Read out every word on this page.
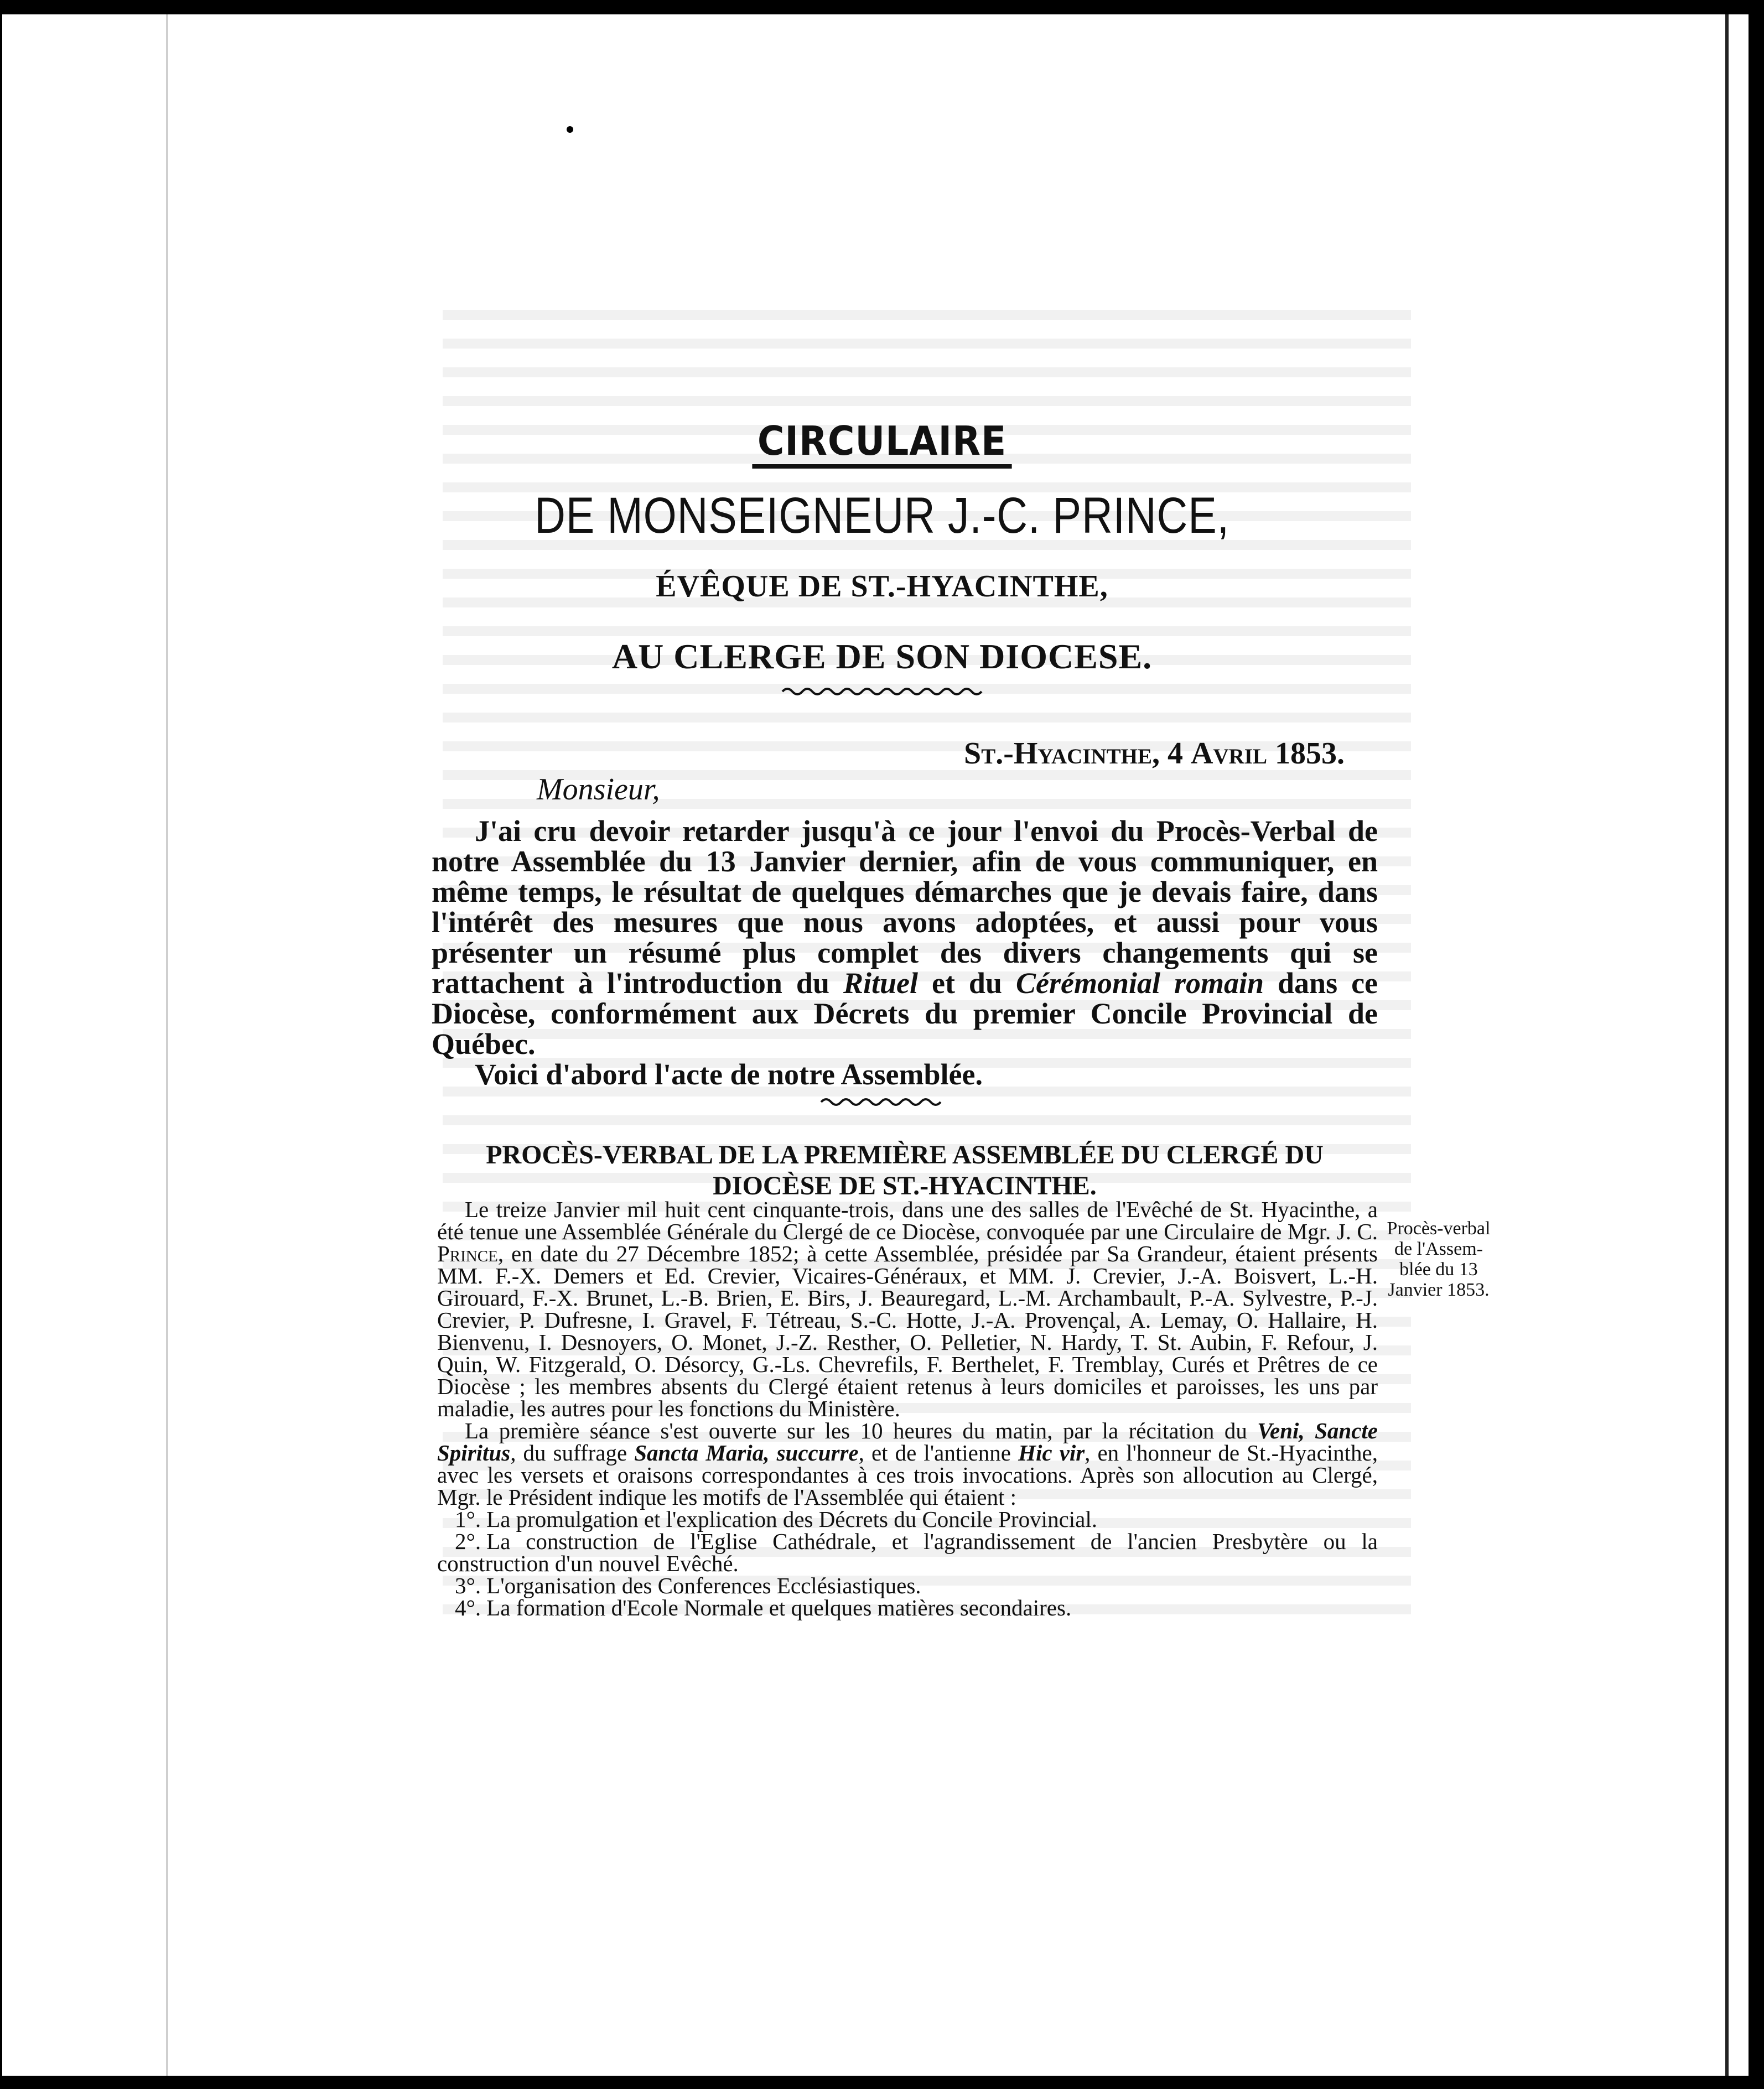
CIRCULAIRE
DE MONSEIGNEUR J.-C. PRINCE,
ÉVÊQUE DE ST.-HYACINTHE,
AU CLERGE DE SON DIOCESE.
St.-Hyacinthe, 4 Avril 1853.
Monsieur,

J'ai cru devoir retarder jusqu'à ce jour l'envoi du Procès-Verbal de notre Assemblée du 13 Janvier dernier, afin de vous communiquer, en même temps, le résultat de quelques démarches que je devais faire, dans l'intérêt des mesures que nous avons adoptées, et aussi pour vous présenter un résumé plus complet des divers changements qui se rattachent à l'introduction du Rituel et du Cérémonial romain dans ce Diocèse, conformément aux Décrets du premier Concile Provincial de Québec.

Voici d'abord l'acte de notre Assemblée.

PROCÈS-VERBAL DE LA PREMIÈRE ASSEMBLÉE DU CLERGÉ DU DIOCÈSE DE ST.-HYACINTHE.

Le treize Janvier mil huit cent cinquante-trois, dans une des salles de l'Evêché de St. Hyacinthe, a été tenue une Assemblée Générale du Clergé de ce Diocèse, convoquée par une Circulaire de Mgr. J. C. Prince, en date du 27 Décembre 1852; à cette Assemblée, présidée par Sa Grandeur, étaient présents MM. F.-X. Demers et Ed. Crevier, Vicaires-Généraux, et MM. J. Crevier, J.-A. Boisvert, L.-H. Girouard, F.-X. Brunet, L.-B. Brien, E. Birs, J. Beauregard, L.-M. Archambault, P.-A. Sylvestre, P.-J. Crevier, P. Dufresne, I. Gravel, F. Tétreau, S.-C. Hotte, J.-A. Provençal, A. Lemay, O. Hallaire, H. Bienvenu, I. Desnoyers, O. Monet, J.-Z. Resther, O. Pelletier, N. Hardy, T. St. Aubin, F. Refour, J. Quin, W. Fitzgerald, O. Désorcy, G.-Ls. Chevrefils, F. Berthelet, F. Tremblay, Curés et Prêtres de ce Diocèse ; les membres absents du Clergé étaient retenus à leurs domiciles et paroisses, les uns par maladie, les autres pour les fonctions du Ministère.

La première séance s'est ouverte sur les 10 heures du matin, par la récitation du Veni, Sancte Spiritus, du suffrage Sancta Maria, succurre, et de l'antienne Hic vir, en l'honneur de St.-Hyacinthe, avec les versets et oraisons correspondantes à ces trois invocations. Après son allocution au Clergé, Mgr. le Président indique les motifs de l'Assemblée qui étaient :

1°. La promulgation et l'explication des Décrets du Concile Provincial.
2°. La construction de l'Eglise Cathédrale, et l'agrandissement de l'ancien Presbytère ou la construction d'un nouvel Evêché.
3°. L'organisation des Conferences Ecclésiastiques.
4°. La formation d'Ecole Normale et quelques matières secondaires.
Procès-verbal
de l'Assem-
blée du 13
Janvier 1853.
